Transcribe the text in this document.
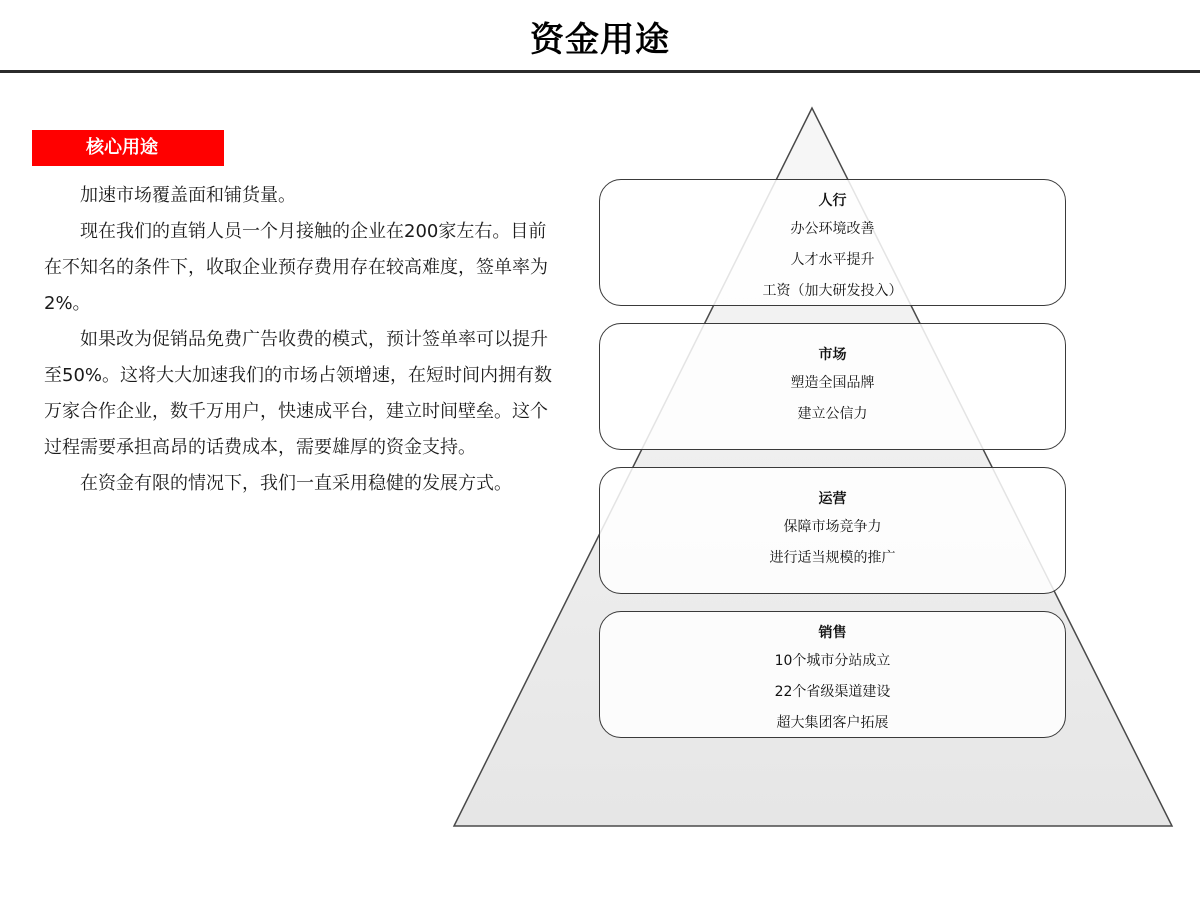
资金用途
核心用途

加速市场覆盖面和铺货量。

现在我们的直销人员一个月接触的企业在200家左右。目前在不知名的条件下，收取企业预存费用存在较高难度，签单率为2%。

如果改为促销品免费广告收费的模式，预计签单率可以提升至50%。这将大大加速我们的市场占领增速，在短时间内拥有数万家合作企业，数千万用户，快速成平台，建立时间壁垒。这个过程需要承担高昂的话费成本，需要雄厚的资金支持。

在资金有限的情况下，我们一直采用稳健的发展方式。

人行
办公环境改善
人才水平提升
工资（加大研发投入）
市场
塑造全国品牌
建立公信力
运营
保障市场竞争力
进行适当规模的推广
销售
10个城市分站成立
22个省级渠道建设
超大集团客户拓展
